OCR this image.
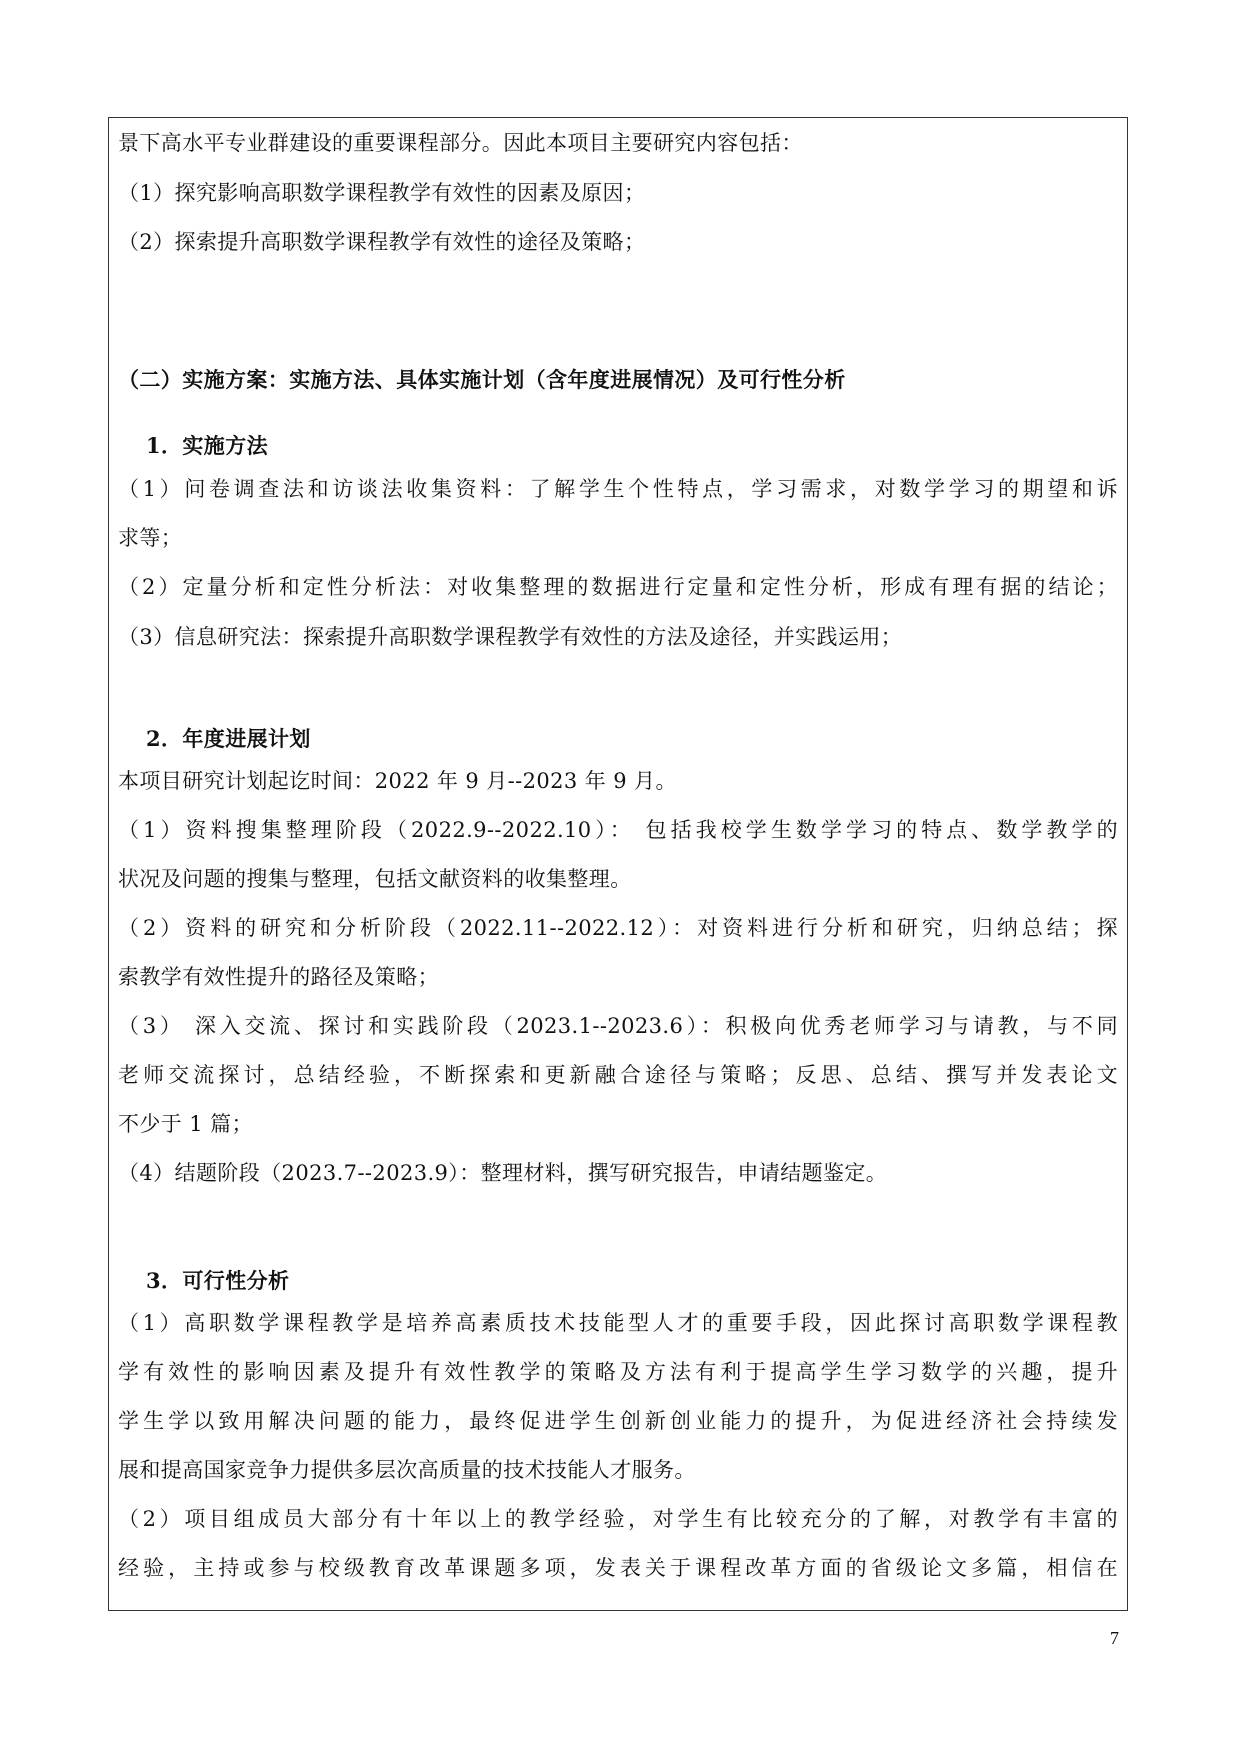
景下高水平专业群建设的重要课程部分。因此本项目主要研究内容包括：
（1）探究影响高职数学课程教学有效性的因素及原因；
（2）探索提升高职数学课程教学有效性的途径及策略；
（二）实施方案：实施方法、具体实施计划（含年度进展情况）及可行性分析
1．实施方法
（1）问卷调查法和访谈法收集资料：了解学生个性特点，学习需求，对数学学习的期望和诉
求等；
（2）定量分析和定性分析法：对收集整理的数据进行定量和定性分析，形成有理有据的结论；
（3）信息研究法：探索提升高职数学课程教学有效性的方法及途径，并实践运用；
2．年度进展计划
本项目研究计划起讫时间：2022 年 9 月--2023 年 9 月。
（1）资料搜集整理阶段（2022.9--2022.10）： 包括我校学生数学学习的特点、数学教学的
状况及问题的搜集与整理，包括文献资料的收集整理。
（2）资料的研究和分析阶段（2022.11--2022.12）：对资料进行分析和研究，归纳总结；探
索教学有效性提升的路径及策略；
（3） 深入交流、探讨和实践阶段（2023.1--2023.6）：积极向优秀老师学习与请教，与不同
老师交流探讨，总结经验，不断探索和更新融合途径与策略；反思、总结、撰写并发表论文
不少于 1 篇；
（4）结题阶段（2023.7--2023.9）：整理材料，撰写研究报告，申请结题鉴定。
3．可行性分析
（1）高职数学课程教学是培养高素质技术技能型人才的重要手段，因此探讨高职数学课程教
学有效性的影响因素及提升有效性教学的策略及方法有利于提高学生学习数学的兴趣，提升
学生学以致用解决问题的能力，最终促进学生创新创业能力的提升，为促进经济社会持续发
展和提高国家竞争力提供多层次高质量的技术技能人才服务。
（2）项目组成员大部分有十年以上的教学经验，对学生有比较充分的了解，对教学有丰富的
经验，主持或参与校级教育改革课题多项，发表关于课程改革方面的省级论文多篇，相信在
7
